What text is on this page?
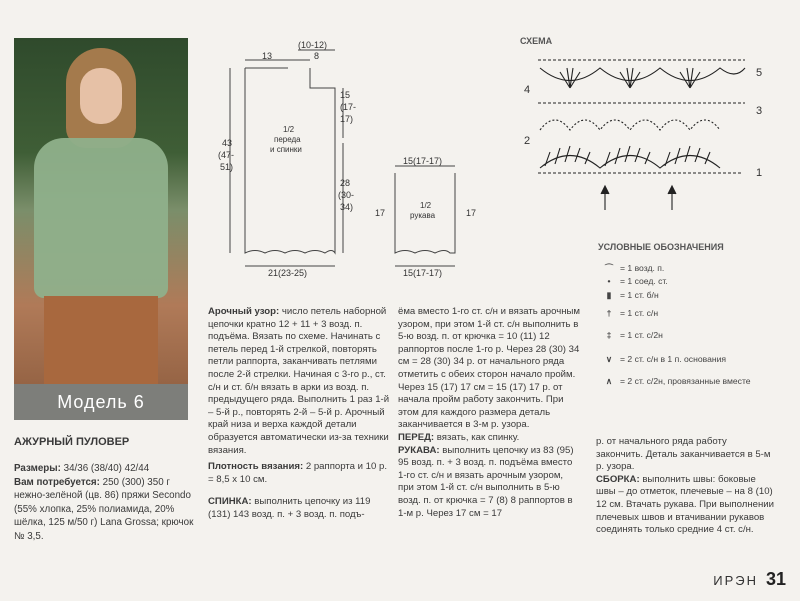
Модель 6
АЖУРНЫЙ ПУЛОВЕР
Размеры: 34/36 (38/40) 42/44
Вам потребуется: 250 (300) 350 г нежно-зелёной (цв. 86) пряжи Secondo (55% хлопка, 25% полиамида, 20% шёлка, 125 м/50 г) Lana Grossa; крючок № 3,5.
(10-12)
13	8
15
(17-
17)
43
(47-
51)
28
(30-
34)
21(23-25)
1/2
переда
и спинки
15(17-17)
15(17-17)
17	17
1/2
рукава
СХЕМА
4
2
5
3
1
УСЛОВНЫЕ ОБОЗНАЧЕНИЯ
⌒ = 1 возд. п.
• = 1 соед. ст.
▮ = 1 ст. б/н
† = 1 ст. с/н
‡ = 1 ст. с/2н
∨ = 2 ст. с/н в 1 п. основания
∧ = 2 ст. с/2н, провязанные вместе

Арочный узор: число петель наборной цепочки кратно 12 + 11 + 3 возд. п. подъёма. Вязать по схеме. Начинать с петель перед 1-й стрелкой, повторять петли раппорта, заканчивать петлями после 2-й стрелки. Начиная с 3-го р., ст. с/н и ст. б/н вязать в арки из возд. п. предыдущего ряда. Выполнить 1 раз 1-й – 5-й р., повторять 2-й – 5-й р. Арочный край низа и верха каждой детали образуется автоматически из-за техники вязания.

Плотность вязания: 2 раппорта и 10 р. = 8,5 х 10 см.

СПИНКА: выполнить цепочку из 119 (131) 143 возд. п. + 3 возд. п. подъ-

ёма вместо 1-го ст. с/н и вязать арочным узором, при этом 1-й ст. с/н выполнить в 5-ю возд. п. от крючка = 10 (11) 12 раппортов после 1-го р. Через 28 (30) 34 см = 28 (30) 34 р. от начального ряда отметить с обеих сторон начало пройм. Через 15 (17) 17 см = 15 (17) 17 р. от начала пройм работу закончить. При этом для каждого размера деталь заканчивается в 3-м р. узора.

ПЕРЕД: вязать, как спинку.

РУКАВА: выполнить цепочку из 83 (95) 95 возд. п. + 3 возд. п. подъёма вместо 1-го ст. с/н и вязать арочным узором, при этом 1-й ст. с/н выполнить в 5-ю возд. п. от крючка = 7 (8) 8 раппортов в 1-м р. Через 17 см = 17

р. от начального ряда работу закончить. Деталь заканчивается в 5-м р. узора.

СБОРКА: выполнить швы: боковые швы – до отметок, плечевые – на 8 (10) 12 см. Втачать рукава. При выполнении плечевых швов и втачивании рукавов соединять только средние 4 ст. с/н.

ИРЭН 31
